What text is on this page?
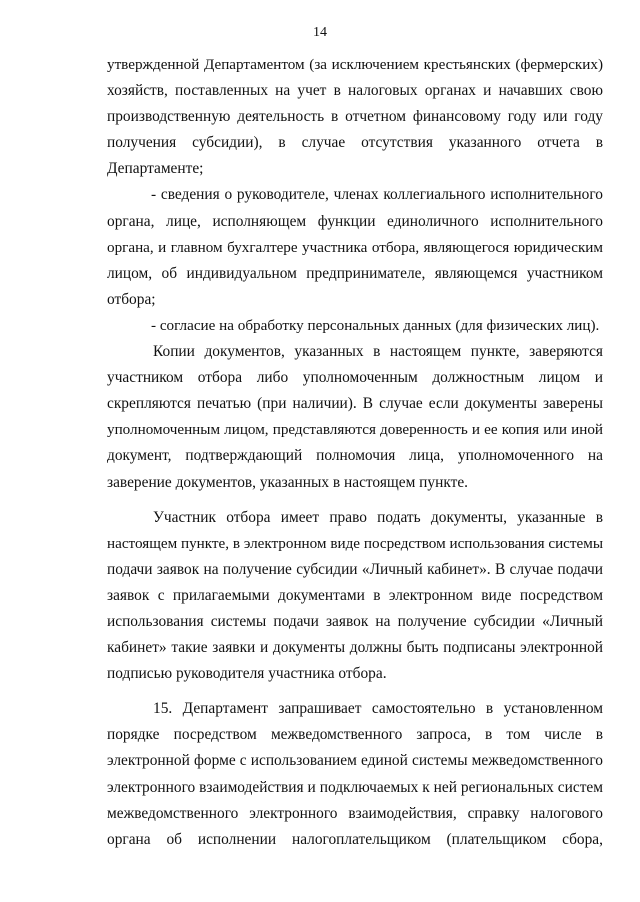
14
утвержденной Департаментом (за исключением крестьянских (фермерских)
хозяйств, поставленных на учет в налоговых органах и начавших свою
производственную деятельность в отчетном финансовому году или году
получения субсидии), в случае отсутствия указанного отчета в
Департаменте;
- сведения о руководителе, членах коллегиального исполнительного
органа, лице, исполняющем функции единоличного исполнительного
органа, и главном бухгалтере участника отбора, являющегося юридическим
лицом, об индивидуальном предпринимателе, являющемся участником
отбора;
- согласие на обработку персональных данных (для физических лиц).
Копии документов, указанных в настоящем пункте, заверяются
участником отбора либо уполномоченным должностным лицом и
скрепляются печатью (при наличии). В случае если документы заверены
уполномоченным лицом, представляются доверенность и ее копия или иной
документ, подтверждающий полномочия лица, уполномоченного на
заверение документов, указанных в настоящем пункте.
Участник отбора имеет право подать документы, указанные в
настоящем пункте, в электронном виде посредством использования системы
подачи заявок на получение субсидии «Личный кабинет». В случае подачи
заявок с прилагаемыми документами в электронном виде посредством
использования системы подачи заявок на получение субсидии «Личный
кабинет» такие заявки и документы должны быть подписаны электронной
подписью руководителя участника отбора.
15. Департамент запрашивает самостоятельно в установленном
порядке посредством межведомственного запроса, в том числе в
электронной форме с использованием единой системы межведомственного
электронного взаимодействия и подключаемых к ней региональных систем
межведомственного электронного взаимодействия, справку налогового
органа об исполнении налогоплательщиком (плательщиком сбора,
